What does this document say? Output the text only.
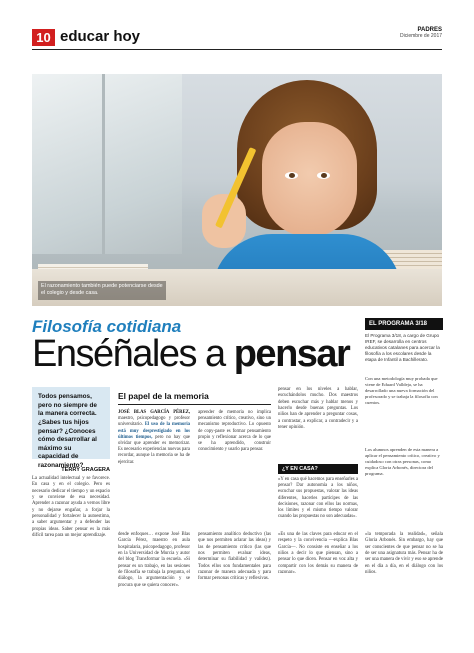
10 educar hoy	PADRES
Diciembre de 2017
El razonamiento también puede potenciarse desde el colegio y desde casa.
Filosofía cotidiana
Enséñales a pensar
EL PROGRAMA 3/18
El Programa 3/18, a cargo de Grupo IREF, se desarrolla en centros educativos catalanes para acercar la filosofía a los escolares desde la etapa de Infantil a Bachillerato.
Con una metodología muy probada que viene de Eduard Valldeja, se ha desarrollado una nueva formación del profesorado y se trabaja la filosofía con cuentos.
Los alumnos aprenden de esta manera a aplicar el pensamiento crítico, creativo y cuidadoso con otras personas, como explica Gloria Arbonés, directora del programa.
Todos pensamos, pero no siempre de la manera correcta. ¿Sabes tus hijos pensar? ¿Conoces cómo desarrollar al máximo su capacidad de razonamiento?
TERRY GRAGERA
La actualidad intelectual y se favorece. En casa y en el colegio. Pero es necesario dedicar el tiempo y un espacio y se conviene de esa necesidad. Aprender a razonar ayuda a vernos libre y no dejarse engañar, a forjar la personalidad y fortalecer la autoestima, a saber argumentar y a defender las propias ideas. Saber pensar es la más difícil tarea para un mejor aprendizaje.
El papel de la memoria
JOSÉ BLAS GARCÍA PÉREZ, maestro, psicopedagogo y profesor universitario. El uso de la memoria está muy desprestigiado en los últimos tiempos, pero no hay que olvidar que aprender es memorizar. Es necesario experiencias nuevas para recordar, aunque la memoria se ha de ejercitar.
aprender de memoria no implica pensamiento crítico, creativo, sino un mecanismo reproductivo. Lo opuesto de copy-paste es formar pensamiento propio y reflexionar acerca de lo que se ha aprendido, construir conocimiento y usarlo para pensar.
pensar en los niveles a hablar, escuchándolos mucho. Dos maestros deben escuchar más y hablar menos y hacerlo desde buenas preguntas. Los niños han de aprender a preguntar cosas, a contrastar, a explicar, a contradecir y a tener opinión.
¿Y EN CASA?
«Y en casa qué hacemos para enseñarles a pensar? Dar autonomía a los niños, escuchar sus propuestas, valorar las ideas diferentes, hacerles partícipes de las decisiones, razonar con ellos las normas, los límites y el mismo tiempo valorar cuando las propuestas no son adecuadas».
desde enfoques… expone José Blas García Pérez, maestro en aula hospitalaria, psicopedagogo, profesor en la Universidad de Murcia y autor del blog Transformar la escuela. «Si pensar es un trabajo, en las sesiones de filosofía se trabaja la pregunta, el diálogo, la argumentación y se procura que se quiera conocer».
pensamiento analítico deductivo (las que nos permiten aclarar las ideas) y las de pensamiento crítico (las que nos permiten evaluar ideas, determinar su fiabilidad y validez). Todos ellos son fundamentales para razonar de manera adecuada y para formar personas críticas y reflexivas.
«Es una de las claves para educar en el respeto y la convivencia —explica Blas García—. No consiste en enseñar a los niños a decir lo que piensan, sino a pensar lo que dicen. Pensar en voz alta y compartir con los demás su manera de razonar».
«la temporada la realidad», señala Gloria Arbonés. Sin embargo, hay que ser conscientes de que pensar no se ha de ser una asignatura más. Pensar ha de ser una manera de vivir y eso se aprende en el día a día, en el diálogo con los niños.
